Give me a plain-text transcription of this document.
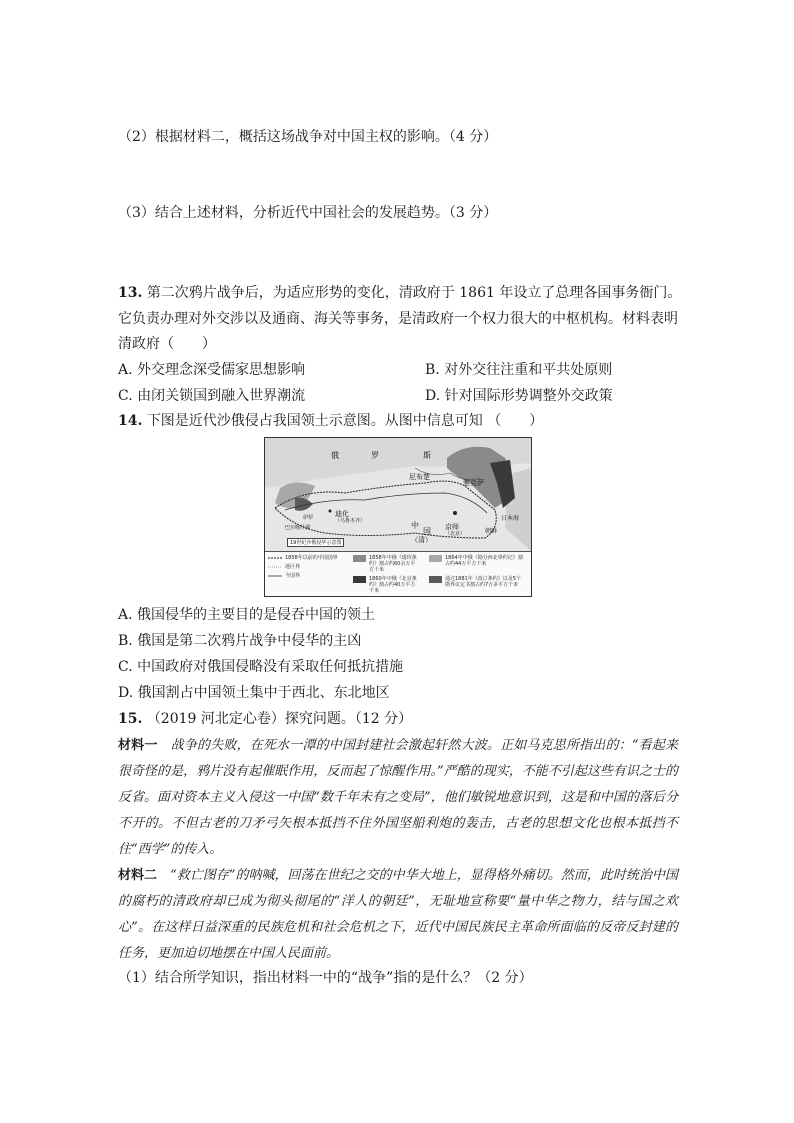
（2）根据材料二，概括这场战争对中国主权的影响。（4 分）
（3）结合上述材料，分析近代中国社会的发展趋势。（3 分）
13. 第二次鸦片战争后，为适应形势的变化，清政府于 1861 年设立了总理各国事务衙门。
它负责办理对外交涉以及通商、海关等事务，是清政府一个权力很大的中枢机构。材料表明
清政府（　　）
A. 外交理念深受儒家思想影响	B. 对外交往注重和平共处原则
C. 由闭关锁国到融入世界潮流	D. 针对国际形势调整外交政策
14. 下图是近代沙俄侵占我国领土示意图。从图中信息可知 （　　）
俄	罗	斯
尼布楚
雅克萨
迪化
（乌鲁木齐）
伊犁
巴尔喀什湖	中
国
（清）
京师
（北京）	朝鲜
日本海
19世纪沙俄侵华示意图
1858年以前的中国国界
地区界
今国界
1858年中俄《瑷珲条约》割占约60余万平方千米
1860年中俄《北京条约》割占约40万平方千米
1864年中俄《勘分西北界约记》割占约44万平方千米
通过1881年《改订条约》以及5个勘界议定书割占约7万多平方千米
A. 俄国侵华的主要目的是侵吞中国的领土
B. 俄国是第二次鸦片战争中侵华的主凶
C. 中国政府对俄国侵略没有采取任何抵抗措施
D. 俄国割占中国领土集中于西北、东北地区
15. （2019 河北定心卷）探究问题。（12 分）
材料一　战争的失败，在死水一潭的中国封建社会激起轩然大波。正如马克思所指出的：“看起来很奇怪的是，鸦片没有起催眠作用，反而起了惊醒作用。”严酷的现实，不能不引起这些有识之士的反省。面对资本主义入侵这一中国“数千年未有之变局”，他们敏锐地意识到，这是和中国的落后分不开的。不但古老的刀矛弓矢根本抵挡不住外国坚船利炮的轰击，古老的思想文化也根本抵挡不住“西学”的传入。
材料二　“救亡图存”的呐喊，回荡在世纪之交的中华大地上，显得格外痛切。然而，此时统治中国的腐朽的清政府却已成为彻头彻尾的“洋人的朝廷”，无耻地宣称要“量中华之物力，结与国之欢心”。在这样日益深重的民族危机和社会危机之下，近代中国民族民主革命所面临的反帝反封建的任务，更加迫切地摆在中国人民面前。
（1）结合所学知识，指出材料一中的“战争”指的是什么？（2 分）
